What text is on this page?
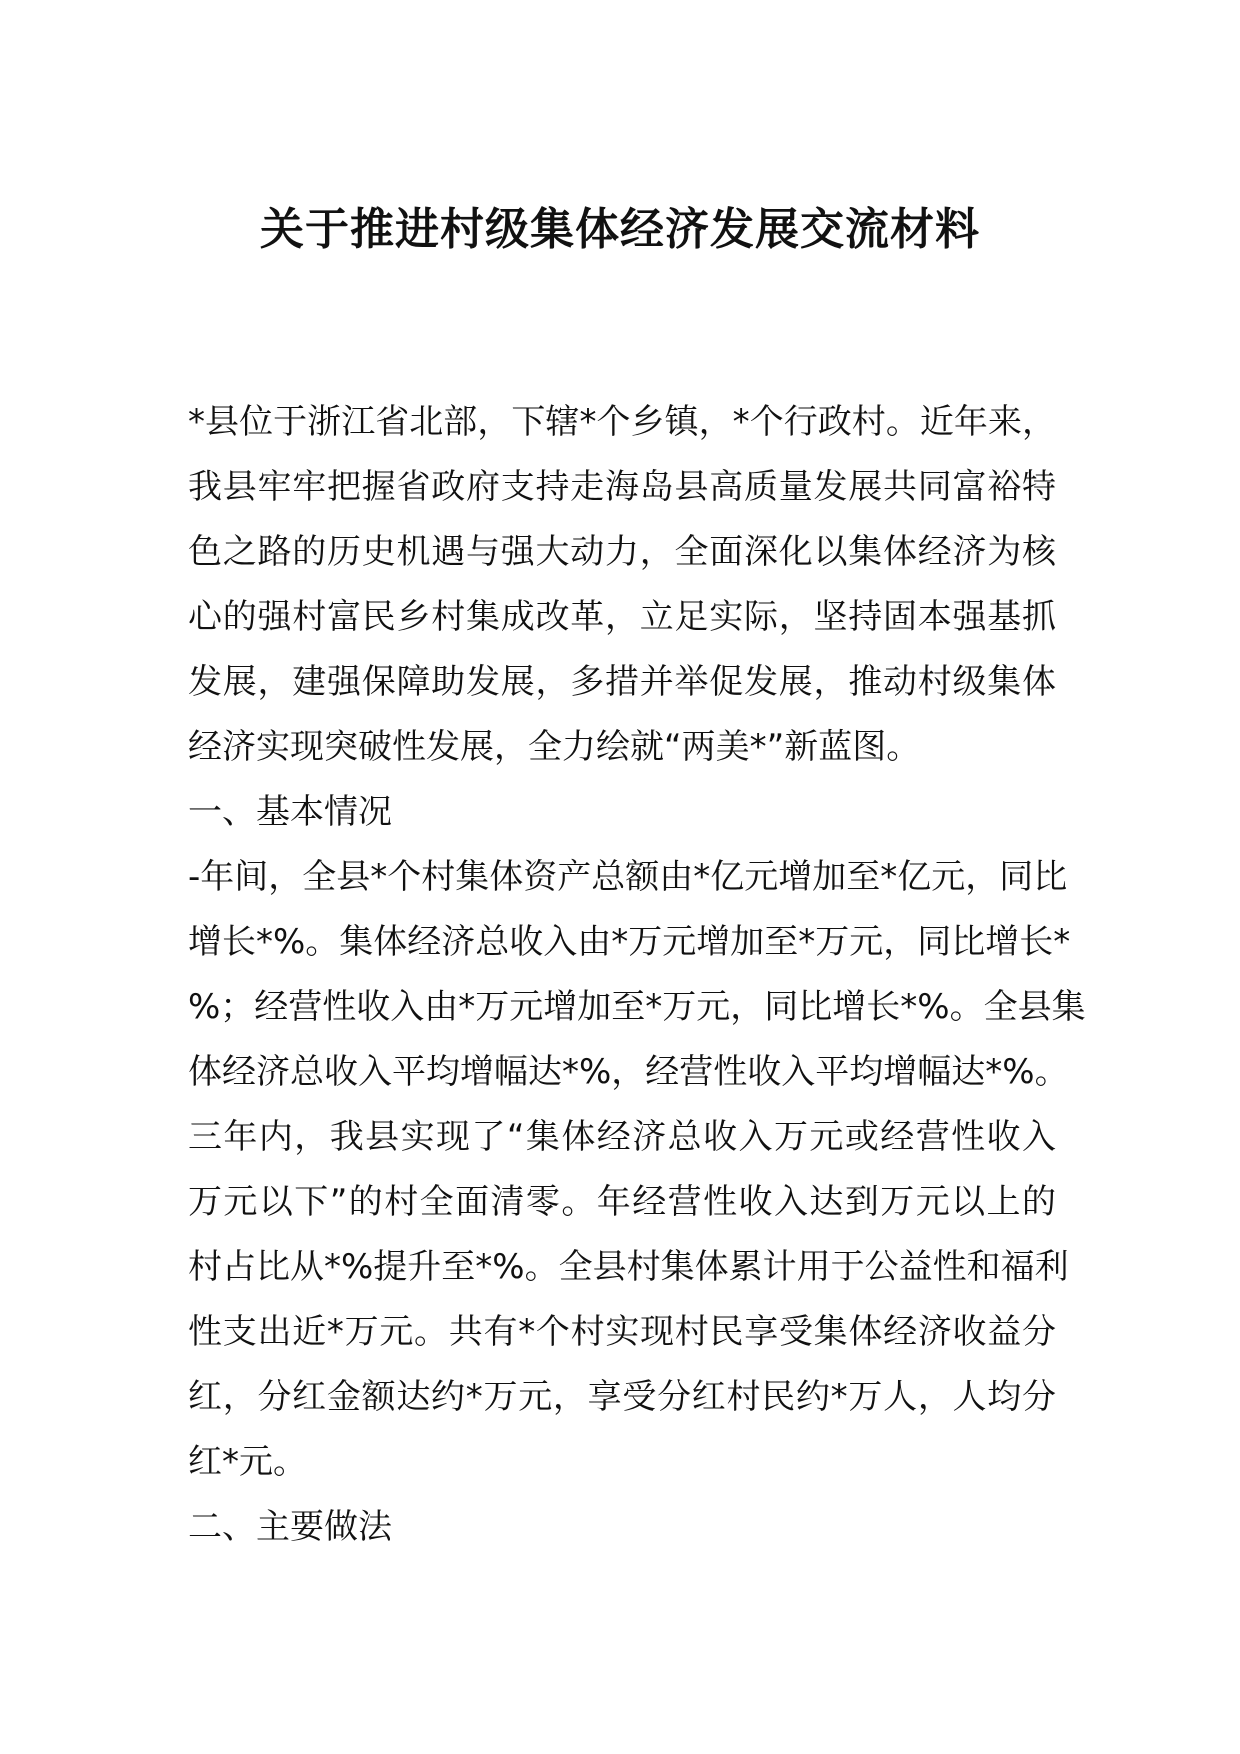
关于推进村级集体经济发展交流材料

*县位于浙江省北部，下辖*个乡镇，*个行政村。近年来，

我县牢牢把握省政府支持走海岛县高质量发展共同富裕特

色之路的历史机遇与强大动力，全面深化以集体经济为核

心的强村富民乡村集成改革，立足实际，坚持固本强基抓

发展，建强保障助发展，多措并举促发展，推动村级集体

经济实现突破性发展，全力绘就“两美*”新蓝图。

一、基本情况

-年间，全县*个村集体资产总额由*亿元增加至*亿元，同比

增长*%。集体经济总收入由*万元增加至*万元，同比增长*

%；经营性收入由*万元增加至*万元，同比增长*%。全县集

体经济总收入平均增幅达*%，经营性收入平均增幅达*%。

三年内，我县实现了“集体经济总收入万元或经营性收入

万元以下”的村全面清零。年经营性收入达到万元以上的

村占比从*%提升至*%。全县村集体累计用于公益性和福利

性支出近*万元。共有*个村实现村民享受集体经济收益分

红，分红金额达约*万元，享受分红村民约*万人，人均分

红*元。

二、主要做法
